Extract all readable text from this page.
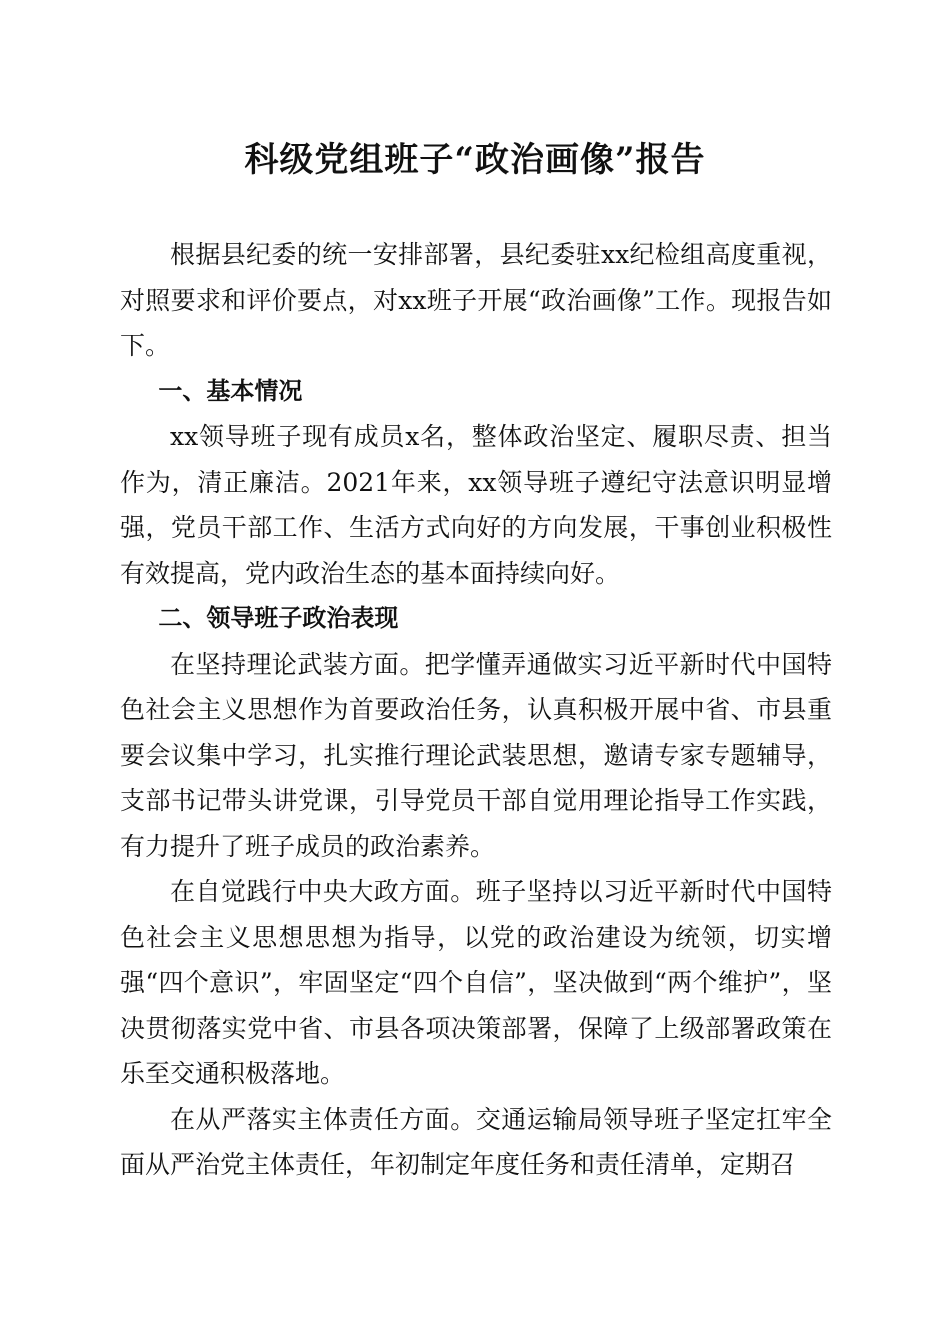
科级党组班子“政治画像”报告

根据县纪委的统一安排部署，县纪委驻xx纪检组高度重视，对照要求和评价要点，对xx班子开展“政治画像”工作。现报告如下。

一、基本情况

xx领导班子现有成员x名，整体政治坚定、履职尽责、担当作为，清正廉洁。2021年来，xx领导班子遵纪守法意识明显增强，党员干部工作、生活方式向好的方向发展，干事创业积极性有效提高，党内政治生态的基本面持续向好。

二、领导班子政治表现

在坚持理论武装方面。把学懂弄通做实习近平新时代中国特色社会主义思想作为首要政治任务，认真积极开展中省、市县重要会议集中学习，扎实推行理论武装思想，邀请专家专题辅导，支部书记带头讲党课，引导党员干部自觉用理论指导工作实践，有力提升了班子成员的政治素养。

在自觉践行中央大政方面。班子坚持以习近平新时代中国特色社会主义思想思想为指导，以党的政治建设为统领，切实增强“四个意识”，牢固坚定“四个自信”，坚决做到“两个维护”，坚决贯彻落实党中省、市县各项决策部署，保障了上级部署政策在乐至交通积极落地。

在从严落实主体责任方面。交通运输局领导班子坚定扛牢全面从严治党主体责任，年初制定年度任务和责任清单，定期召
